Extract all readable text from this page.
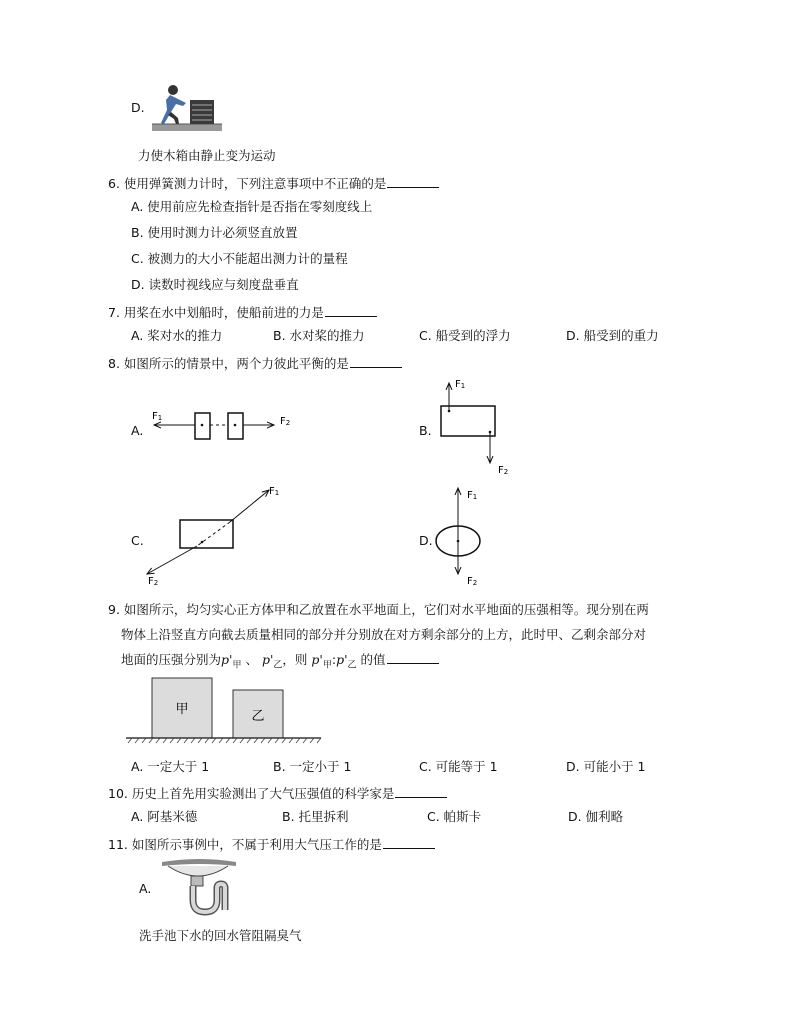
D.
力使木箱由静止变为运动
6. 使用弹簧测力计时，下列注意事项中不正确的是
A. 使用前应先检查指针是否指在零刻度线上
B. 使用时测力计必须竖直放置
C. 被测力的大小不能超出测力计的量程
D. 读数时视线应与刻度盘垂直
7. 用桨在水中划船时，使船前进的力是
A. 桨对水的推力	B. 水对桨的推力	C. 船受到的浮力	D. 船受到的重力
8. 如图所示的情景中，两个力彼此平衡的是
A.
F1	F2	B.
F1
F2
C.
F1
F2
D.
F1
F2
9. 如图所示，均匀实心正方体甲和乙放置在水平地面上，它们对水平地面的压强相等。现分别在两
物体上沿竖直方向截去质量相同的部分并分别放在对方剩余部分的上方，此时甲、乙剩余部分对
地面的压强分别为$p'_甲$ 、 $p'_乙$，则 $p'_甲:p'_乙$ 的值
甲	乙
A. 一定大于 1	B. 一定小于 1	C. 可能等于 1	D. 可能小于 1
10. 历史上首先用实验测出了大气压强值的科学家是
A. 阿基米德	B. 托里拆利	C. 帕斯卡	D. 伽利略
11. 如图所示事例中，不属于利用大气压工作的是
A.
洗手池下水的回水管阻隔臭气
